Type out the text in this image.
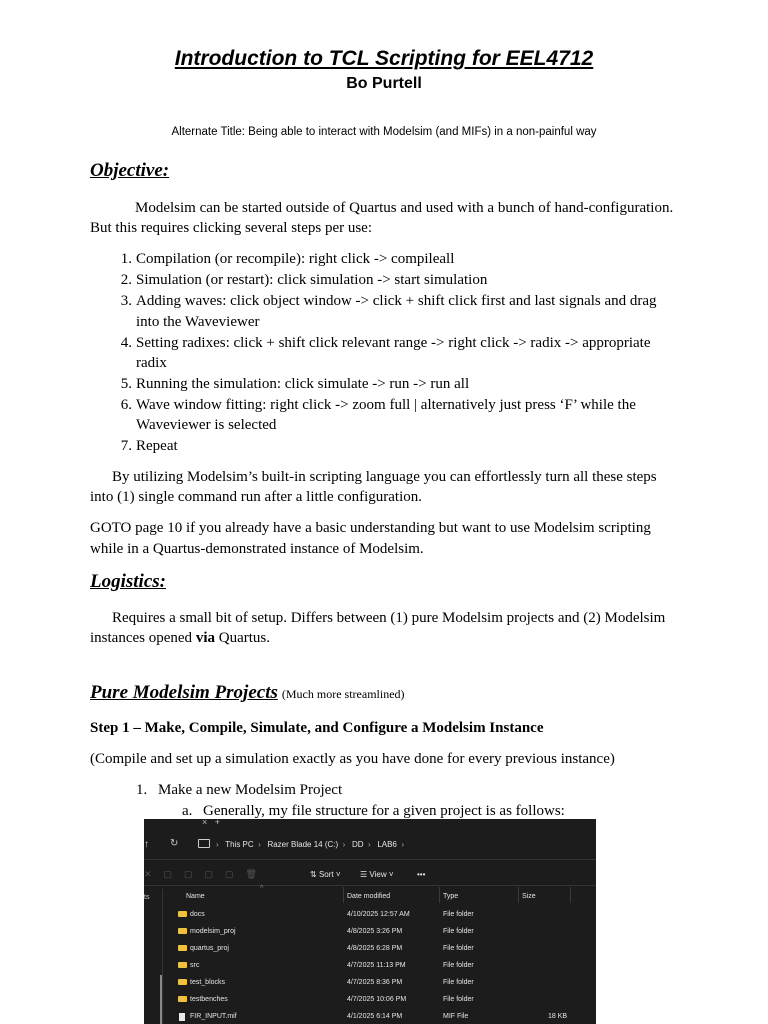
Introduction to TCL Scripting for EEL4712
Bo Purtell
Alternate Title: Being able to interact with Modelsim (and MIFs) in a non-painful way
Objective:
Modelsim can be started outside of Quartus and used with a bunch of hand-configuration.
But this requires clicking several steps per use:
1. Compilation (or recompile): right click -> compileall
2. Simulation (or restart): click simulation -> start simulation
3. Adding waves: click object window -> click + shift click first and last signals and drag
into the Waveviewer
4. Setting radixes: click + shift click relevant range -> right click -> radix -> appropriate
radix
5. Running the simulation: click simulate -> run -> run all
6. Wave window fitting: right click -> zoom full | alternatively just press ‘F’ while the
Waveviewer is selected
7. Repeat
By utilizing Modelsim’s built-in scripting language you can effortlessly turn all these steps
into (1) single command run after a little configuration.
GOTO page 10 if you already have a basic understanding but want to use Modelsim scripting
while in a Quartus-demonstrated instance of Modelsim.
Logistics:
Requires a small bit of setup. Differs between (1) pure Modelsim projects and (2) Modelsim
instances opened via Quartus.
Pure Modelsim Projects (Much more streamlined)
Step 1 – Make, Compile, Simulate, and Configure a Modelsim Instance
(Compile and set up a simulation exactly as you have done for every previous instance)
1. Make a new Modelsim Project
a. Generally, my file structure for a given project is as follows:
×   +
↑ ↻	› This PC › Razer Blade 14 (C:) › DD › LAB6 ›
✕▢▢▢▢🗑	⇅ Sort ˅ ☰ View ˅	•••
ts
^
Name	Date modified	Type	Size
docs	4/10/2025 12:57 AM	File folder
modelsim_proj	4/8/2025 3:26 PM	File folder
quartus_proj	4/8/2025 6:28 PM	File folder
src	4/7/2025 11:13 PM	File folder
test_blocks	4/7/2025 8:36 PM	File folder
testbenches	4/7/2025 10:06 PM	File folder
FIR_INPUT.mif	4/1/2025 6:14 PM	MIF File	18 KB
